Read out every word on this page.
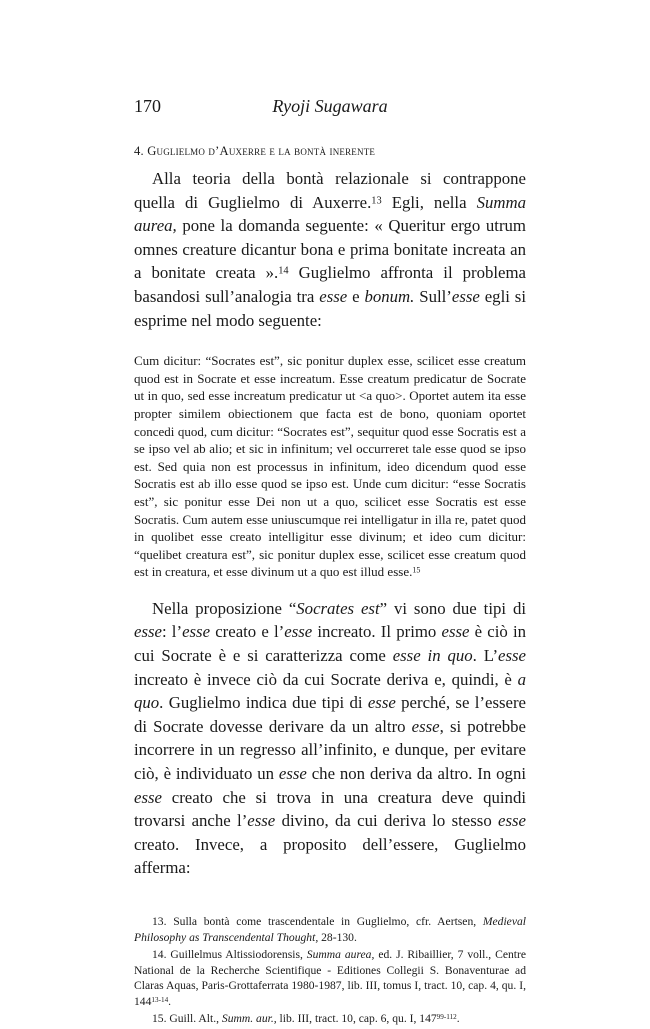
170	Ryoji Sugawara
4. Guglielmo d’Auxerre e la bontà inerente

Alla teoria della bontà relazionale si contrappone quella di Guglielmo di Auxerre.$^{13}$ Egli, nella Summa aurea, pone la domanda seguente: « Queritur ergo utrum omnes creature dicantur bona e prima bonitate increata an a bonitate creata ».$^{14}$ Guglielmo affronta il problema basandosi sull’analogia tra esse e bonum. Sull’esse egli si esprime nel modo seguente:

Cum dicitur: “Socrates est”, sic ponitur duplex esse, scilicet esse creatum quod est in Socrate et esse increatum. Esse creatum predicatur de Socrate ut in quo, sed esse increatum predicatur ut <a quo>. Oportet autem ita esse propter similem obiectionem que facta est de bono, quoniam oportet concedi quod, cum dicitur: “Socrates est”, sequitur quod esse Socratis est a se ipso vel ab alio; et sic in infinitum; vel occurreret tale esse quod se ipso est. Sed quia non est processus in infinitum, ideo dicendum quod esse Socratis est ab illo esse quod se ipso est. Unde cum dicitur: “esse Socratis est”, sic ponitur esse Dei non ut a quo, scilicet esse Socratis est esse Socratis. Cum autem esse uniuscumque rei intelligatur in illa re, patet quod in quolibet esse creato intelligitur esse divinum; et ideo cum dicitur: “quelibet creatura est”, sic ponitur duplex esse, scilicet esse creatum quod est in creatura, et esse divinum ut a quo est illud esse.$^{15}$

Nella proposizione “Socrates est” vi sono due tipi di esse: l’esse creato e l’esse increato. Il primo esse è ciò in cui Socrate è e si caratterizza come esse in quo. L’esse increato è invece ciò da cui Socrate deriva e, quindi, è a quo. Guglielmo indica due tipi di esse perché, se l’essere di Socrate dovesse derivare da un altro esse, si potrebbe incorrere in un regresso all’infinito, e dunque, per evitare ciò, è individuato un esse che non deriva da altro. In ogni esse creato che si trova in una creatura deve quindi trovarsi anche l’esse divino, da cui deriva lo stesso esse creato. Invece, a proposito dell’essere, Guglielmo afferma:

13. Sulla bontà come trascendentale in Guglielmo, cfr. Aertsen, Medieval Philosophy as Transcendental Thought, 28-130.

14. Guillelmus Altissiodorensis, Summa aurea, ed. J. Ribaillier, 7 voll., Centre National de la Recherche Scientifique - Editiones Collegii S. Bonaventurae ad Claras Aquas, Paris-Grottaferrata 1980-1987, lib. III, tomus I, tract. 10, cap. 4, qu. I, 144$^{13-14}$.

15. Guill. Alt., Summ. aur., lib. III, tract. 10, cap. 6, qu. I, 147$^{99-112}$.
